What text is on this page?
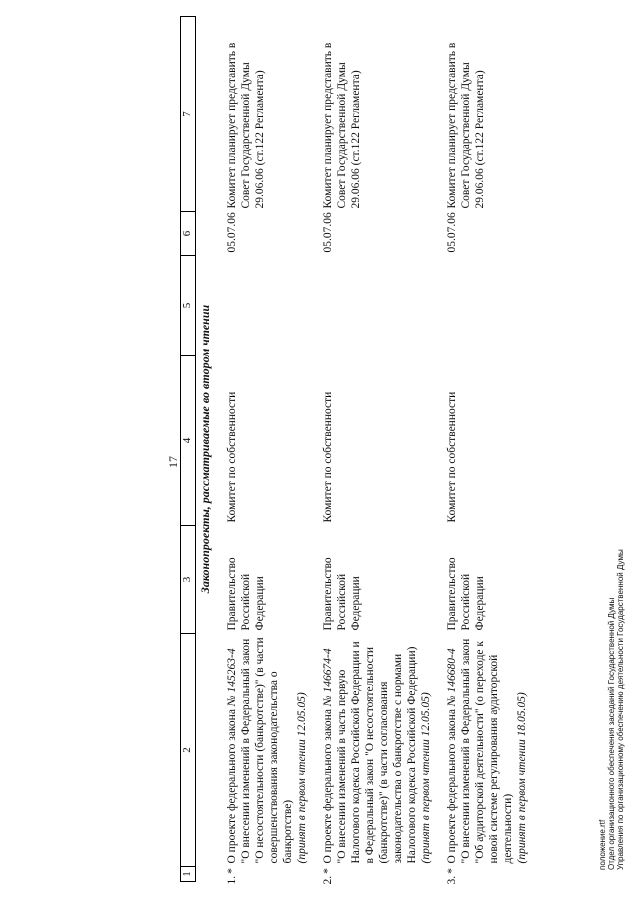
17
1	2	3	4	5	6	7
Законопроекты, рассматриваемые во втором чтении						
1.*	О проекте федерального закона № 145263-4 "О внесении изменений в Федеральный закон "О несостоятельности (банкротстве)" (в части совершенствования законодательства о банкротстве) (принят в первом чтении 12.05.05)	Правительство Российской Федерации	Комитет по собственности		05.07.06	Комитет планирует представить в Совет Государственной Думы 29.06.06 (ст.122 Регламента)
2.*	О проекте федерального закона № 146674-4 "О внесении изменений в часть первую Налогового кодекса Российской Федерации и в Федеральный закон "О несостоятельности (банкротстве)" (в части согласования законодательства о банкротстве с нормами Налогового кодекса Российской Федерации) (принят в первом чтении 12.05.05)	Правительство Российской Федерации	Комитет по собственности		05.07.06	Комитет планирует представить в Совет Государственной Думы 29.06.06 (ст.122 Регламента)
3.*	О проекте федерального закона № 146680-4 "О внесении изменений в Федеральный закон "Об аудиторской деятельности" (о переходе к новой системе регулирования аудиторской деятельности) (принят в первом чтении 18.05.05)	Правительство Российской Федерации	Комитет по собственности		05.07.06	Комитет планирует представить в Совет Государственной Думы 29.06.06 (ст.122 Регламента)
положение.rtf Отдел организационного обеспечения заседаний Государственной Думы Управления по организационному обеспечению деятельности Государственной Думы
